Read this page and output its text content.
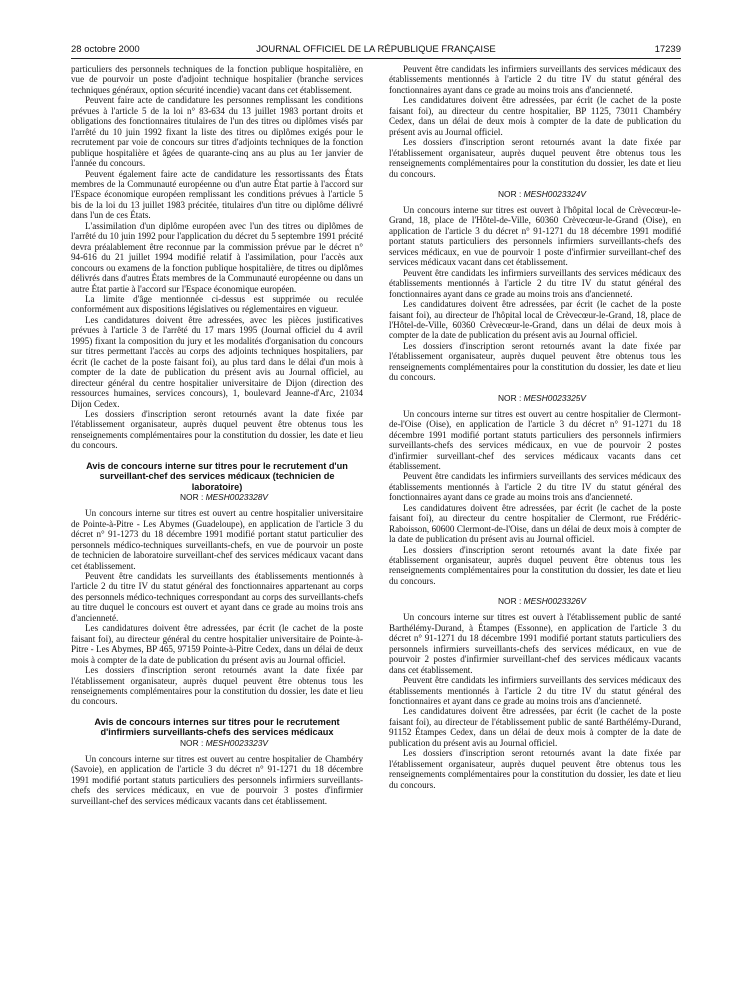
28 octobre 2000	JOURNAL OFFICIEL DE LA RÉPUBLIQUE FRANÇAISE	17239

particuliers des personnels techniques de la fonction publique hospitalière, en vue de pourvoir un poste d'adjoint technique hospitalier (branche services techniques généraux, option sécurité incendie) vacant dans cet établissement.

Peuvent faire acte de candidature les personnes remplissant les conditions prévues à l'article 5 de la loi n° 83-634 du 13 juillet 1983 portant droits et obligations des fonctionnaires titulaires de l'un des titres ou diplômes visés par l'arrêté du 10 juin 1992 fixant la liste des titres ou diplômes exigés pour le recrutement par voie de concours sur titres d'adjoints techniques de la fonction publique hospitalière et âgées de quarante-cinq ans au plus au 1er janvier de l'année du concours.

Peuvent également faire acte de candidature les ressortissants des États membres de la Communauté européenne ou d'un autre État partie à l'accord sur l'Espace économique européen remplissant les conditions prévues à l'article 5 bis de la loi du 13 juillet 1983 précitée, titulaires d'un titre ou diplôme délivré dans l'un de ces États.

L'assimilation d'un diplôme européen avec l'un des titres ou diplômes de l'arrêté du 10 juin 1992 pour l'application du décret du 5 septembre 1991 précité devra préalablement être reconnue par la commission prévue par le décret n° 94-616 du 21 juillet 1994 modifié relatif à l'assimilation, pour l'accès aux concours ou examens de la fonction publique hospitalière, de titres ou diplômes délivrés dans d'autres États membres de la Communauté européenne ou dans un autre État partie à l'accord sur l'Espace économique européen.

La limite d'âge mentionnée ci-dessus est supprimée ou reculée conformément aux dispositions législatives ou réglementaires en vigueur.

Les candidatures doivent être adressées, avec les pièces justificatives prévues à l'article 3 de l'arrêté du 17 mars 1995 (Journal officiel du 4 avril 1995) fixant la composition du jury et les modalités d'organisation du concours sur titres permettant l'accès au corps des adjoints techniques hospitaliers, par écrit (le cachet de la poste faisant foi), au plus tard dans le délai d'un mois à compter de la date de publication du présent avis au Journal officiel, au directeur général du centre hospitalier universitaire de Dijon (direction des ressources humaines, services concours), 1, boulevard Jeanne-d'Arc, 21034 Dijon Cedex.

Les dossiers d'inscription seront retournés avant la date fixée par l'établissement organisateur, auprès duquel peuvent être obtenus tous les renseignements complémentaires pour la constitution du dossier, les date et lieu du concours.

Avis de concours interne sur titres pour le recrutement d'un surveillant-chef des services médicaux (technicien de laboratoire)

NOR : MESH0023328V

Un concours interne sur titres est ouvert au centre hospitalier universitaire de Pointe-à-Pitre - Les Abymes (Guadeloupe), en application de l'article 3 du décret n° 91-1273 du 18 décembre 1991 modifié portant statut particulier des personnels médico-techniques surveillants-chefs, en vue de pourvoir un poste de technicien de laboratoire surveillant-chef des services médicaux vacant dans cet établissement.

Peuvent être candidats les surveillants des établissements mentionnés à l'article 2 du titre IV du statut général des fonctionnaires appartenant au corps des personnels médico-techniques correspondant au corps des surveillants-chefs au titre duquel le concours est ouvert et ayant dans ce grade au moins trois ans d'ancienneté.

Les candidatures doivent être adressées, par écrit (le cachet de la poste faisant foi), au directeur général du centre hospitalier universitaire de Pointe-à-Pitre - Les Abymes, BP 465, 97159 Pointe-à-Pitre Cedex, dans un délai de deux mois à compter de la date de publication du présent avis au Journal officiel.

Les dossiers d'inscription seront retournés avant la date fixée par l'établissement organisateur, auprès duquel peuvent être obtenus tous les renseignements complémentaires pour la constitution du dossier, les date et lieu du concours.

Avis de concours internes sur titres pour le recrutement d'infirmiers surveillants-chefs des services médicaux

NOR : MESH0023323V

Un concours interne sur titres est ouvert au centre hospitalier de Chambéry (Savoie), en application de l'article 3 du décret n° 91-1271 du 18 décembre 1991 modifié portant statuts particuliers des personnels infirmiers surveillants-chefs des services médicaux, en vue de pourvoir 3 postes d'infirmier surveillant-chef des services médicaux vacants dans cet établissement.

Peuvent être candidats les infirmiers surveillants des services médicaux des établissements mentionnés à l'article 2 du titre IV du statut général des fonctionnaires ayant dans ce grade au moins trois ans d'ancienneté.

Les candidatures doivent être adressées, par écrit (le cachet de la poste faisant foi), au directeur du centre hospitalier, BP 1125, 73011 Chambéry Cedex, dans un délai de deux mois à compter de la date de publication du présent avis au Journal officiel.

Les dossiers d'inscription seront retournés avant la date fixée par l'établissement organisateur, auprès duquel peuvent être obtenus tous les renseignements complémentaires pour la constitution du dossier, les date et lieu du concours.

NOR : MESH0023324V

Un concours interne sur titres est ouvert à l'hôpital local de Crèvecœur-le-Grand, 18, place de l'Hôtel-de-Ville, 60360 Crèvecœur-le-Grand (Oise), en application de l'article 3 du décret n° 91-1271 du 18 décembre 1991 modifié portant statuts particuliers des personnels infirmiers surveillants-chefs des services médicaux, en vue de pourvoir 1 poste d'infirmier surveillant-chef des services médicaux vacant dans cet établissement.

Peuvent être candidats les infirmiers surveillants des services médicaux des établissements mentionnés à l'article 2 du titre IV du statut général des fonctionnaires ayant dans ce grade au moins trois ans d'ancienneté.

Les candidatures doivent être adressées, par écrit (le cachet de la poste faisant foi), au directeur de l'hôpital local de Crèvecœur-le-Grand, 18, place de l'Hôtel-de-Ville, 60360 Crèvecœur-le-Grand, dans un délai de deux mois à compter de la date de publication du présent avis au Journal officiel.

Les dossiers d'inscription seront retournés avant la date fixée par l'établissement organisateur, auprès duquel peuvent être obtenus tous les renseignements complémentaires pour la constitution du dossier, les date et lieu du concours.

NOR : MESH0023325V

Un concours interne sur titres est ouvert au centre hospitalier de Clermont-de-l'Oise (Oise), en application de l'article 3 du décret n° 91-1271 du 18 décembre 1991 modifié portant statuts particuliers des personnels infirmiers surveillants-chefs des services médicaux, en vue de pourvoir 2 postes d'infirmier surveillant-chef des services médicaux vacants dans cet établissement.

Peuvent être candidats les infirmiers surveillants des services médicaux des établissements mentionnés à l'article 2 du titre IV du statut général des fonctionnaires ayant dans ce grade au moins trois ans d'ancienneté.

Les candidatures doivent être adressées, par écrit (le cachet de la poste faisant foi), au directeur du centre hospitalier de Clermont, rue Frédéric-Raboisson, 60600 Clermont-de-l'Oise, dans un délai de deux mois à compter de la date de publication du présent avis au Journal officiel.

Les dossiers d'inscription seront retournés avant la date fixée par établissement organisateur, auprès duquel peuvent être obtenus tous les renseignements complémentaires pour la constitution du dossier, les date et lieu du concours.

NOR : MESH0023326V

Un concours interne sur titres est ouvert à l'établissement public de santé Barthélémy-Durand, à Étampes (Essonne), en application de l'article 3 du décret n° 91-1271 du 18 décembre 1991 modifié portant statuts particuliers des personnels infirmiers surveillants-chefs des services médicaux, en vue de pourvoir 2 postes d'infirmier surveillant-chef des services médicaux vacants dans cet établissement.

Peuvent être candidats les infirmiers surveillants des services médicaux des établissements mentionnés à l'article 2 du titre IV du statut général des fonctionnaires et ayant dans ce grade au moins trois ans d'ancienneté.

Les candidatures doivent être adressées, par écrit (le cachet de la poste faisant foi), au directeur de l'établissement public de santé Barthélémy-Durand, 91152 Étampes Cedex, dans un délai de deux mois à compter de la date de publication du présent avis au Journal officiel.

Les dossiers d'inscription seront retournés avant la date fixée par l'établissement organisateur, auprès duquel peuvent être obtenus tous les renseignements complémentaires pour la constitution du dossier, les date et lieu du concours.
